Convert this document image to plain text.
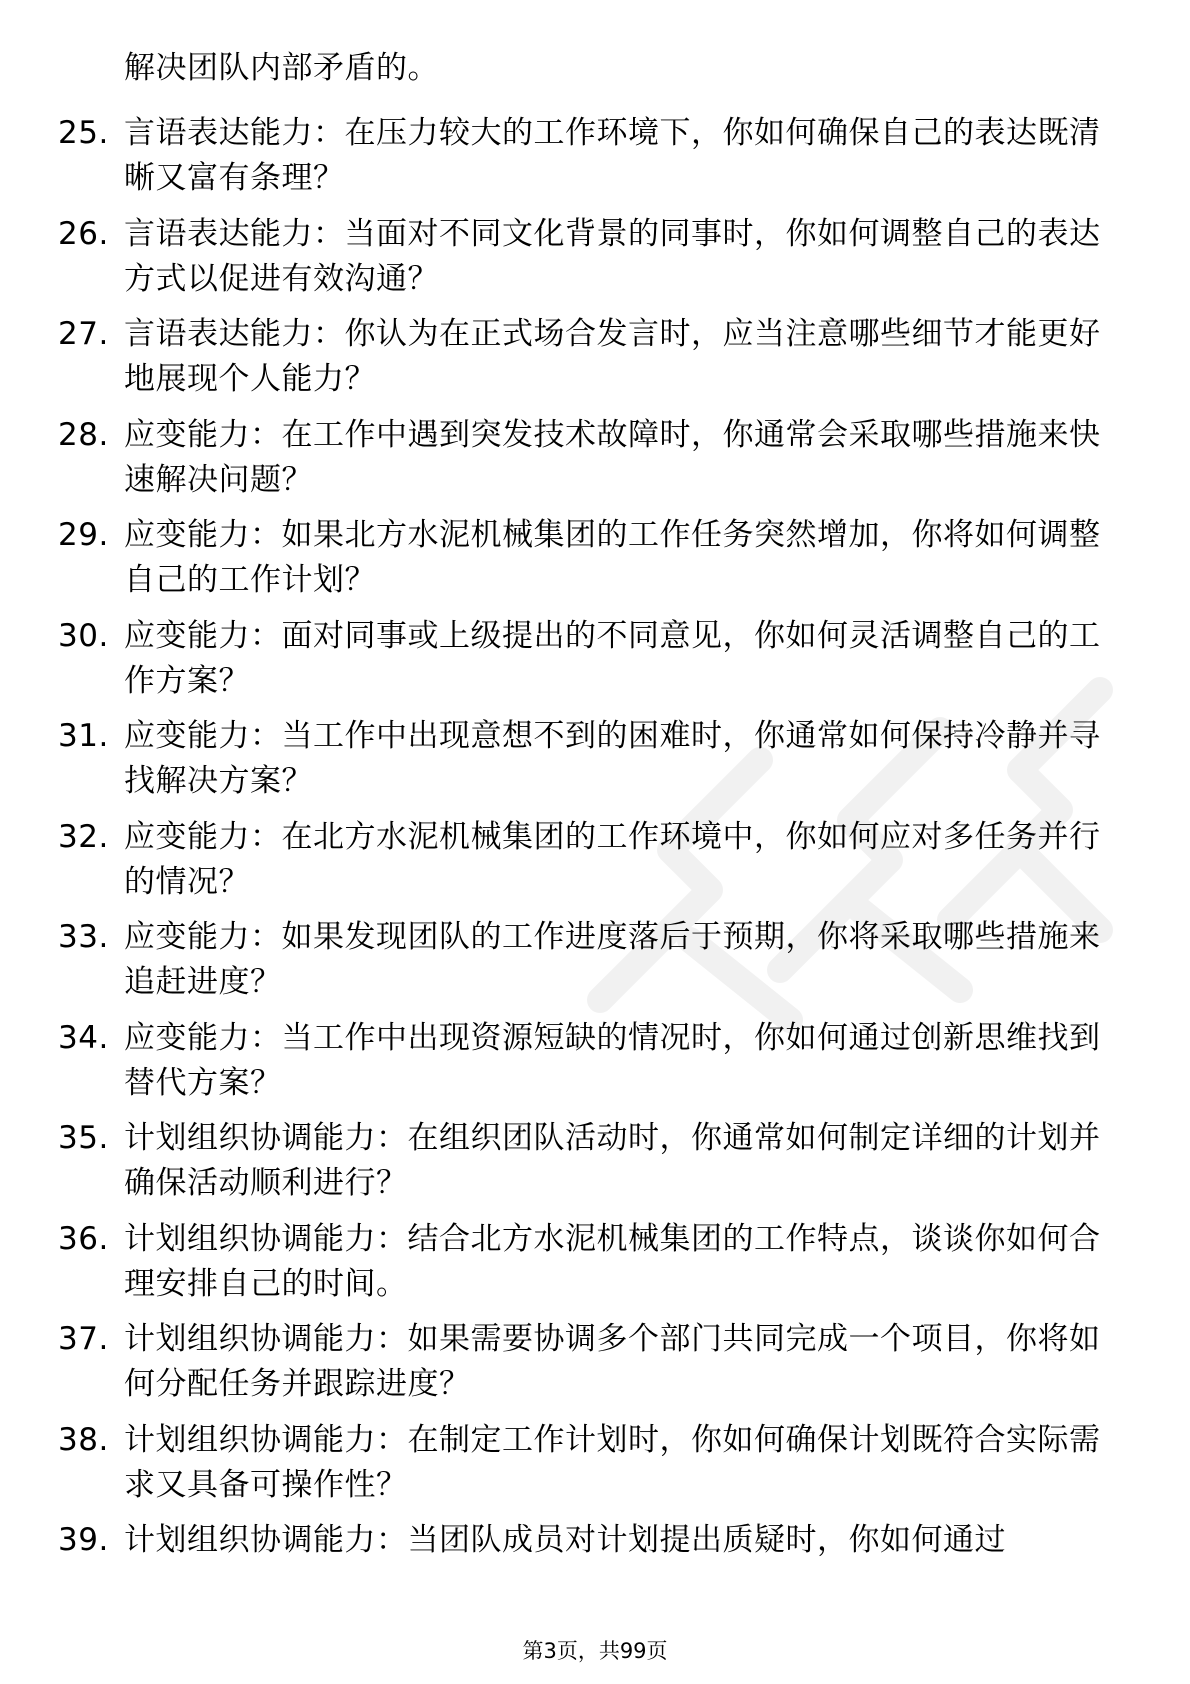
解决团队内部矛盾的。
25. 言语表达能力：在压力较大的工作环境下，你如何确保自己的表达既清晰又富有条理？
26. 言语表达能力：当面对不同文化背景的同事时，你如何调整自己的表达方式以促进有效沟通？
27. 言语表达能力：你认为在正式场合发言时，应当注意哪些细节才能更好地展现个人能力？
28. 应变能力：在工作中遇到突发技术故障时，你通常会采取哪些措施来快速解决问题？
29. 应变能力：如果北方水泥机械集团的工作任务突然增加，你将如何调整自己的工作计划？
30. 应变能力：面对同事或上级提出的不同意见，你如何灵活调整自己的工作方案？
31. 应变能力：当工作中出现意想不到的困难时，你通常如何保持冷静并寻找解决方案？
32. 应变能力：在北方水泥机械集团的工作环境中，你如何应对多任务并行的情况？
33. 应变能力：如果发现团队的工作进度落后于预期，你将采取哪些措施来追赶进度？
34. 应变能力：当工作中出现资源短缺的情况时，你如何通过创新思维找到替代方案？
35. 计划组织协调能力：在组织团队活动时，你通常如何制定详细的计划并确保活动顺利进行？
36. 计划组织协调能力：结合北方水泥机械集团的工作特点，谈谈你如何合理安排自己的时间。
37. 计划组织协调能力：如果需要协调多个部门共同完成一个项目，你将如何分配任务并跟踪进度？
38. 计划组织协调能力：在制定工作计划时，你如何确保计划既符合实际需求又具备可操作性？
39. 计划组织协调能力：当团队成员对计划提出质疑时，你如何通过
第3页，共99页
